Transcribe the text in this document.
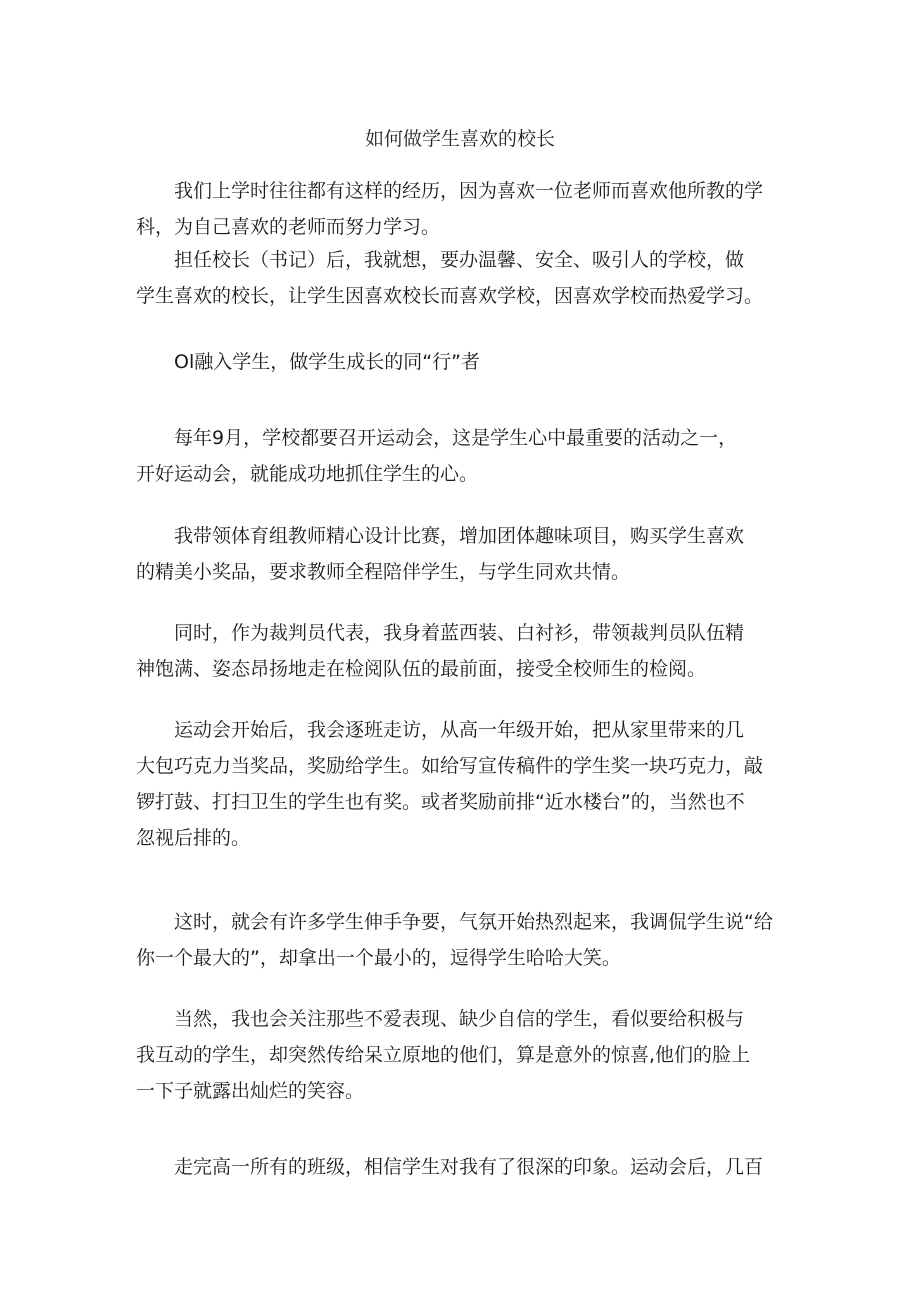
如何做学生喜欢的校长

我们上学时往往都有这样的经历，因为喜欢一位老师而喜欢他所教的学
科，为自己喜欢的老师而努力学习。

担任校长（书记）后，我就想，要办温馨、安全、吸引人的学校，做
学生喜欢的校长，让学生因喜欢校长而喜欢学校，因喜欢学校而热爱学习。

Ol融入学生，做学生成长的同“行”者

每年9月，学校都要召开运动会，这是学生心中最重要的活动之一，
开好运动会，就能成功地抓住学生的心。

我带领体育组教师精心设计比赛，增加团体趣味项目，购买学生喜欢
的精美小奖品，要求教师全程陪伴学生，与学生同欢共情。

同时，作为裁判员代表，我身着蓝西装、白衬衫，带领裁判员队伍精
神饱满、姿态昂扬地走在检阅队伍的最前面，接受全校师生的检阅。

运动会开始后，我会逐班走访，从高一年级开始，把从家里带来的几
大包巧克力当奖品，奖励给学生。如给写宣传稿件的学生奖一块巧克力，敲
锣打鼓、打扫卫生的学生也有奖。或者奖励前排“近水楼台”的，当然也不
忽视后排的。

这时，就会有许多学生伸手争要，气氛开始热烈起来，我调侃学生说“给
你一个最大的”，却拿出一个最小的，逗得学生哈哈大笑。

当然，我也会关注那些不爱表现、缺少自信的学生，看似要给积极与
我互动的学生，却突然传给呆立原地的他们，算是意外的惊喜,他们的脸上
一下子就露出灿烂的笑容。

走完高一所有的班级，相信学生对我有了很深的印象。运动会后，几百
